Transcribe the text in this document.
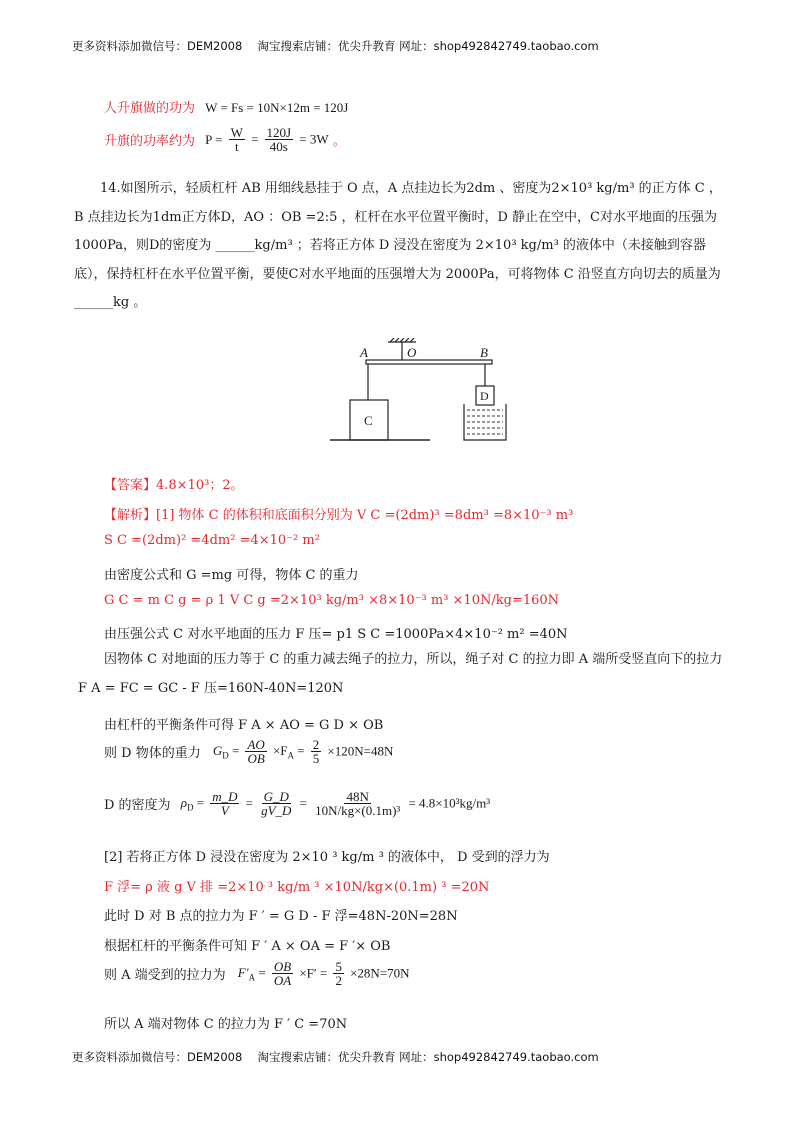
更多资料添加微信号：DEM2008　 淘宝搜索店铺：优尖升教育 网址：shop492842749.taobao.com
人升旗做的功为 W = Fs = 10N×12m = 120J
升旗的功率约为 $P = \frac{W}{t} = \frac{120J}{40s} = 3W$ 。

14.如图所示，轻质杠杆 AB 用细线悬挂于 O 点，A 点挂边长为2dm 、密度为2×10³ kg/m³ 的正方体 C ， B 点挂边长为1dm正方体D，AO ：OB =2:5 ，杠杆在水平位置平衡时，D 静止在空中，C对水平地面的压强为1000Pa，则D的密度为 ______kg/m³ ；若将正方体 D 浸没在密度为 2×10³ kg/m³ 的液体中（未接触到容器底），保持杠杆在水平位置平衡，要使C对水平地面的压强增大为 2000Pa，可将物体 C 沿竖直方向切去的质量为 ______kg 。

A	O	B
C
D
【答案】4.8×10³；2。
【解析】[1] 物体 C 的体积和底面积分别为 V C =(2dm)³ =8dm³ =8×10⁻³ m³
S C =(2dm)² =4dm² =4×10⁻² m²
由密度公式和 G =mg 可得，物体 C 的重力
G C = m C g = ρ 1 V C g =2×10³ kg/m³ ×8×10⁻³ m³ ×10N/kg=160N
由压强公式 C 对水平地面的压力 F 压= p1 S C =1000Pa×4×10⁻² m² =40N

因物体 C 对地面的压力等于 C 的重力减去绳子的拉力，所以，绳子对 C 的拉力即 A 端所受竖直向下的拉力 F A = FC = GC - F 压=160N-40N=120N

由杠杆的平衡条件可得 F A × AO = G D × OB
则 D 物体的重力 $G_D = \frac{AO}{OB} \times F_A = \frac{2}{5} \times 120N=48N$
D 的密度为 $\rho_D = \frac{m\_D}{V} = \frac{G\_D}{gV\_D} = \frac{48N}{\text{10N/kg×(0.1m)³}} = 4.8\times 10^3kg/m^3$
[2] 若将正方体 D 浸没在密度为 2×10 ³ kg/m ³ 的液体中， D 受到的浮力为
F 浮= ρ 液 g V 排 =2×10 ³ kg/m ³ ×10N/kg×(0.1m) ³ =20N
此时 D 对 B 点的拉力为 F ′ = G D - F 浮=48N-20N=28N
根据杠杆的平衡条件可知 F ′ A × OA = F ′× OB
则 A 端受到的拉力为 $F'_A = \frac{OB}{OA} \times F' = \frac{5}{2} \times 28N=70N$
所以 A 端对物体 C 的拉力为 F ′ C =70N
更多资料添加微信号：DEM2008　 淘宝搜索店铺：优尖升教育 网址：shop492842749.taobao.com
